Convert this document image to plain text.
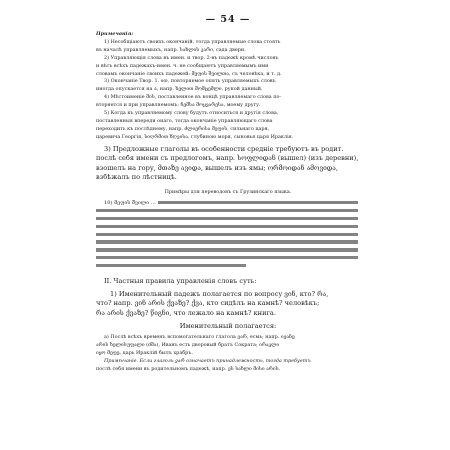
— 54 —
Примечанія:
1) Несобщіаютъ своихъ окончаній, тогда управляемые слова стоять
въ началѣ управляемыхъ, напр. სახლის კარი, сада двери.
2) Управляющія слова въ имен. и твор. 2-въ падежѣ кромѣ числовъ
и вѣсъ всѣхъ падежахъ-имен. ч. не сообщаютъ управляемымъ ими
словамъ окончаніе своихъ падежей: მეფის შვილთა, съ человѣка, и т. д.
3) Окончаніе Твор. 1. ით, повторяемое опять управляемыхъ словъ
иногда опускается на ა, напр. ხელით მომცემლი, рукой данный.
4) Мѣстоименіе მის, поставленное въ концѣ управляемаго слова по-
вторяется и при управляемомъ: ჩემსა მოყვარესა, моему другу.
5) Когда къ управляемому слову будутъ относиться и другія слова,
поставленныя впереди онаго, тогда окончаніе управляющаго слова
переходить къ послѣднему, напр. ძლიერისა მეფის, сильнаго царя,
царевича Георгія, სიღრმით ზღვისა, глубиною моря, сыновья царя Ираклія.
3) Предложные глаголы въ особенности средніе требуютъ въ родит.
послѣ себя имени съ предлогомъ, напр. სოფლიდან (вышел) (изъ деревни),
взошелъ на гору, მთაზე ავიდა, вышелъ изъ ямы; ორმოიდან ამოვიდა,
взбѣжалъ по лѣстницѣ.
Примѣры для переводовъ съ Грузинскаго языка.
10) მეფის შვილი ...
II. Частныя правила управленія словъ суть:
1) Именительный падежъ полагается по вопросу ვინ, кто? რა,
что? напр. ვინ არის ქვაზე? ქვა, кто сидѣлъ на камнѣ? человѣкъ;
რა არის ქვაზე? წიგნი, что лежало на камнѣ? книга.
Именительный полагается:
а) Послѣ всѣхъ временъ вспомогательнаго глагола ვარ, есмь; напр. ივანე
არის ხელისუფალი (ძმა), Иванъ есть дворовый братъ Сократа; ირაკლი
იყო მეფე, царь Ираклій былъ храбръ.
Примѣчаніе. Если глаголь ვარ означаетъ принадлежность, тогда требуетъ
послѣ себя имени въ родительномъ падежѣ, напр. ეს სახლი მისი არის.
